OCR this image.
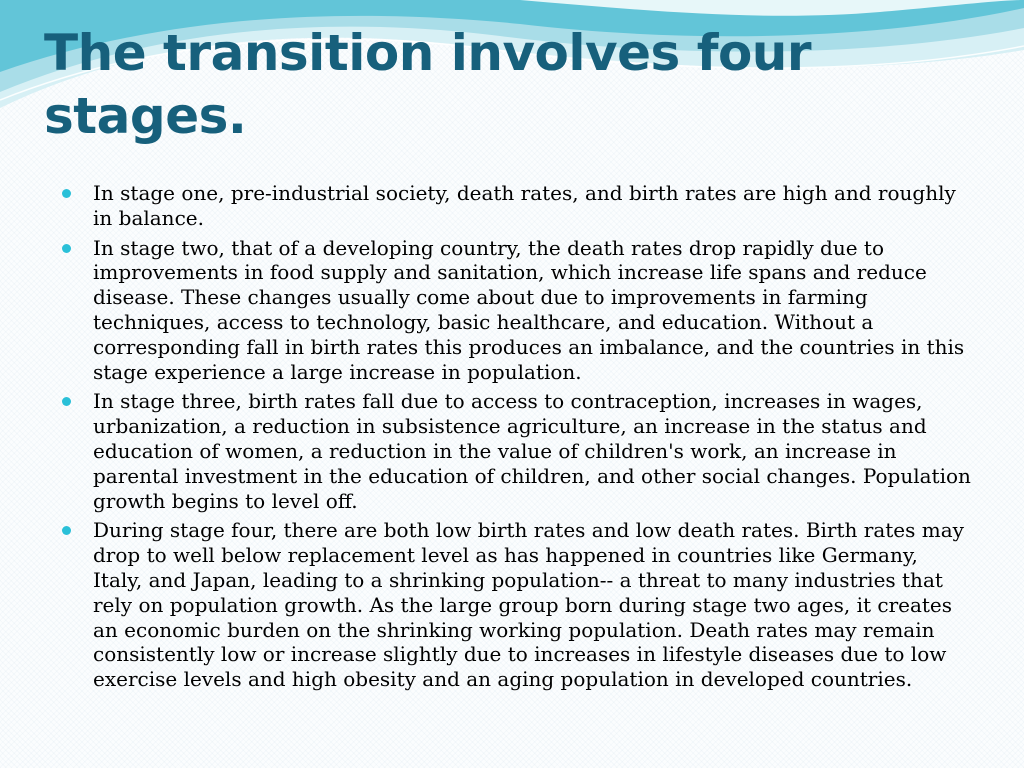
The transition involves four stages.
In stage one, pre-industrial society, death rates, and birth rates are high and roughly in balance.
In stage two, that of a developing country, the death rates drop rapidly due to improvements in food supply and sanitation, which increase life spans and reduce disease. These changes usually come about due to improvements in farming techniques, access to technology, basic healthcare, and education. Without a corresponding fall in birth rates this produces an imbalance, and the countries in this stage experience a large increase in population.
In stage three, birth rates fall due to access to contraception, increases in wages, urbanization, a reduction in subsistence agriculture, an increase in the status and education of women, a reduction in the value of children's work, an increase in parental investment in the education of children, and other social changes. Population growth begins to level off.
During stage four, there are both low birth rates and low death rates. Birth rates may drop to well below replacement level as has happened in countries like Germany, Italy, and Japan, leading to a shrinking population-- a threat to many industries that rely on population growth. As the large group born during stage two ages, it creates an economic burden on the shrinking working population. Death rates may remain consistently low or increase slightly due to increases in lifestyle diseases due to low exercise levels and high obesity and an aging population in developed countries.
